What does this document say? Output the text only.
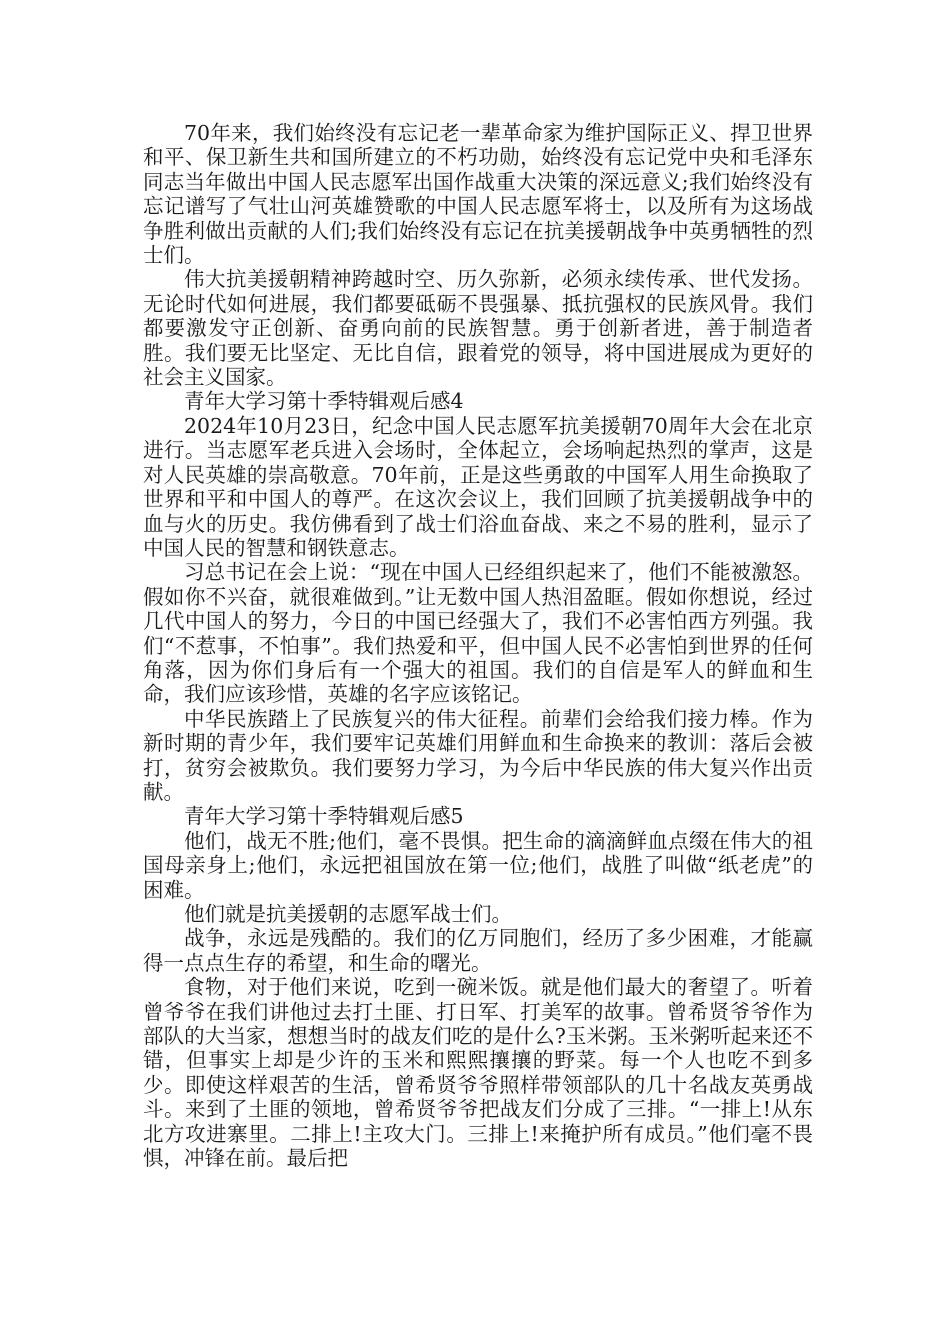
70年来，我们始终没有忘记老一辈革命家为维护国际正义、捍卫世界和平、保卫新生共和国所建立的不朽功勋，始终没有忘记党中央和毛泽东同志当年做出中国人民志愿军出国作战重大决策的深远意义;我们始终没有忘记谱写了气壮山河英雄赞歌的中国人民志愿军将士，以及所有为这场战争胜利做出贡献的人们;我们始终没有忘记在抗美援朝战争中英勇牺牲的烈士们。

伟大抗美援朝精神跨越时空、历久弥新，必须永续传承、世代发扬。无论时代如何进展，我们都要砥砺不畏强暴、抵抗强权的民族风骨。我们都要激发守正创新、奋勇向前的民族智慧。勇于创新者进，善于制造者胜。我们要无比坚定、无比自信，跟着党的领导，将中国进展成为更好的社会主义国家。

青年大学习第十季特辑观后感4

2024年10月23日，纪念中国人民志愿军抗美援朝70周年大会在北京进行。当志愿军老兵进入会场时，全体起立，会场响起热烈的掌声，这是对人民英雄的崇高敬意。70年前，正是这些勇敢的中国军人用生命换取了世界和平和中国人的尊严。在这次会议上，我们回顾了抗美援朝战争中的血与火的历史。我仿佛看到了战士们浴血奋战、来之不易的胜利，显示了中国人民的智慧和钢铁意志。

习总书记在会上说：“现在中国人已经组织起来了，他们不能被激怒。假如你不兴奋，就很难做到。”让无数中国人热泪盈眶。假如你想说，经过几代中国人的努力，今日的中国已经强大了，我们不必害怕西方列强。我们“不惹事，不怕事”。我们热爱和平，但中国人民不必害怕到世界的任何角落，因为你们身后有一个强大的祖国。我们的自信是军人的鲜血和生命，我们应该珍惜，英雄的名字应该铭记。

中华民族踏上了民族复兴的伟大征程。前辈们会给我们接力棒。作为新时期的青少年，我们要牢记英雄们用鲜血和生命换来的教训：落后会被打，贫穷会被欺负。我们要努力学习，为今后中华民族的伟大复兴作出贡献。

青年大学习第十季特辑观后感5

他们，战无不胜;他们，毫不畏惧。把生命的滴滴鲜血点缀在伟大的祖国母亲身上;他们，永远把祖国放在第一位;他们，战胜了叫做“纸老虎”的困难。

他们就是抗美援朝的志愿军战士们。

战争，永远是残酷的。我们的亿万同胞们，经历了多少困难，才能赢得一点点生存的希望，和生命的曙光。

食物，对于他们来说，吃到一碗米饭。就是他们最大的奢望了。听着曾爷爷在我们讲他过去打土匪、打日军、打美军的故事。曾希贤爷爷作为部队的大当家，想想当时的战友们吃的是什么?玉米粥。玉米粥听起来还不错，但事实上却是少许的玉米和熙熙攘攘的野菜。每一个人也吃不到多少。即使这样艰苦的生活，曾希贤爷爷照样带领部队的几十名战友英勇战斗。来到了土匪的领地，曾希贤爷爷把战友们分成了三排。“一排上!从东北方攻进寨里。二排上!主攻大门。三排上!来掩护所有成员。”他们毫不畏惧，冲锋在前。最后把
